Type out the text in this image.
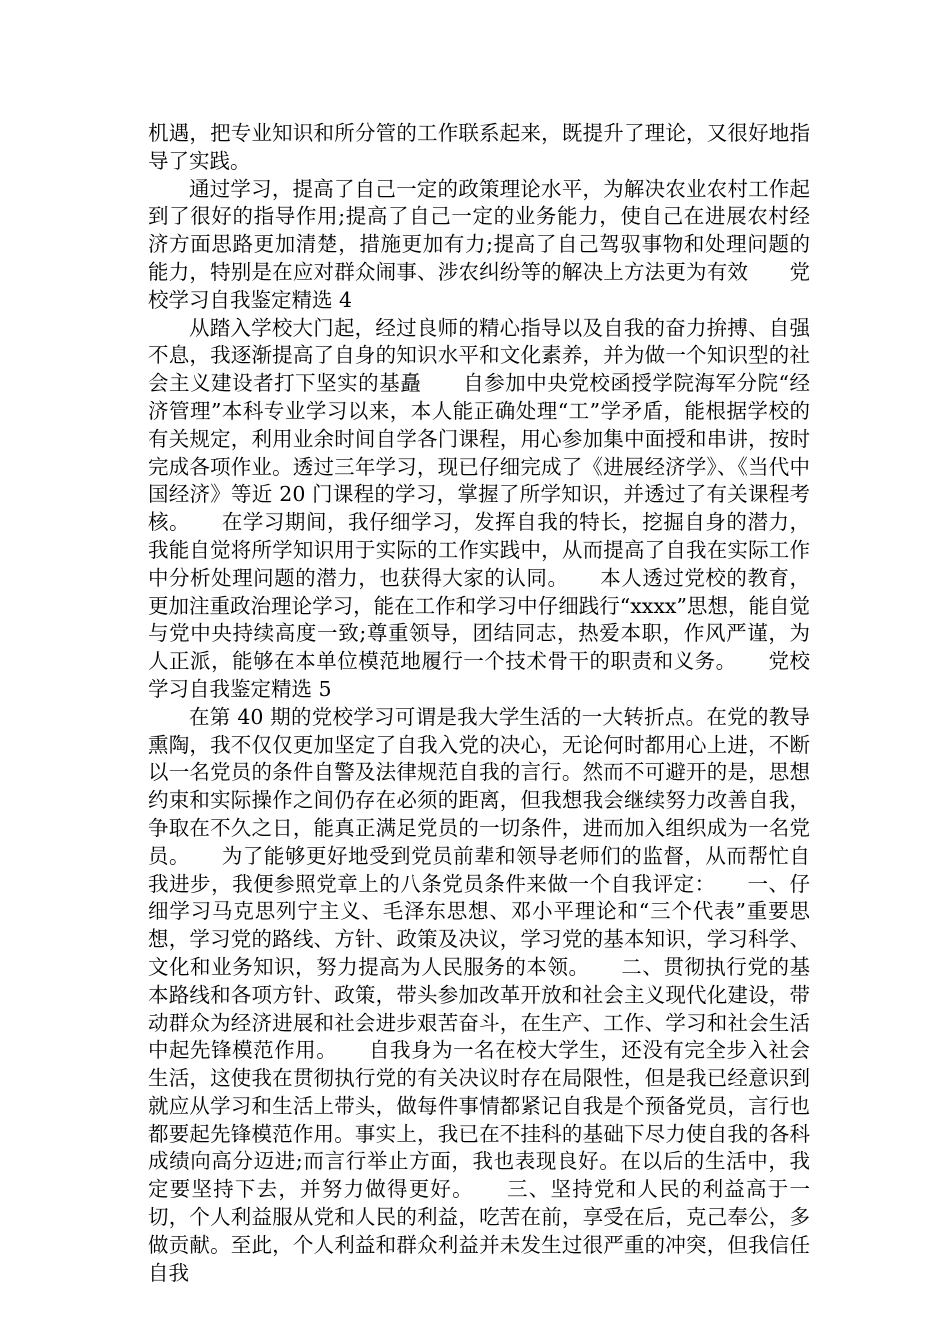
机遇，把专业知识和所分管的工作联系起来，既提升了理论，又很好地指导了实践。

通过学习，提高了自己一定的政策理论水平，为解决农业农村工作起到了很好的指导作用;提高了自己一定的业务能力，使自己在进展农村经济方面思路更加清楚，措施更加有力;提高了自己驾驭事物和处理问题的能力，特别是在应对群众闹事、涉农纠纷等的解决上方法更为有效　　党校学习自我鉴定精选 4

从踏入学校大门起，经过良师的精心指导以及自我的奋力拚搏、自强不息，我逐渐提高了自身的知识水平和文化素养，并为做一个知识型的社会主义建设者打下坚实的基矗　　自参加中央党校函授学院海军分院“经济管理”本科专业学习以来，本人能正确处理“工”学矛盾，能根据学校的有关规定，利用业余时间自学各门课程，用心参加集中面授和串讲，按时完成各项作业。透过三年学习，现已仔细完成了《进展经济学》、《当代中国经济》等近 20 门课程的学习，掌握了所学知识，并透过了有关课程考核。　　在学习期间，我仔细学习，发挥自我的特长，挖掘自身的潜力，我能自觉将所学知识用于实际的工作实践中，从而提高了自我在实际工作中分析处理问题的潜力，也获得大家的认同。　　本人透过党校的教育，更加注重政治理论学习，能在工作和学习中仔细践行“xxxx”思想，能自觉与党中央持续高度一致;尊重领导，团结同志，热爱本职，作风严谨，为人正派，能够在本单位模范地履行一个技术骨干的职责和义务。　　党校学习自我鉴定精选 5

在第 40 期的党校学习可谓是我大学生活的一大转折点。在党的教导熏陶，我不仅仅更加坚定了自我入党的决心，无论何时都用心上进，不断以一名党员的条件自警及法律规范自我的言行。然而不可避开的是，思想约束和实际操作之间仍存在必须的距离，但我想我会继续努力改善自我，争取在不久之日，能真正满足党员的一切条件，进而加入组织成为一名党员。　　为了能够更好地受到党员前辈和领导老师们的监督，从而帮忙自我进步，我便参照党章上的八条党员条件来做一个自我评定：　　一、仔细学习马克思列宁主义、毛泽东思想、邓小平理论和“三个代表”重要思想，学习党的路线、方针、政策及决议，学习党的基本知识，学习科学、文化和业务知识，努力提高为人民服务的本领。　　二、贯彻执行党的基本路线和各项方针、政策，带头参加改革开放和社会主义现代化建设，带动群众为经济进展和社会进步艰苦奋斗，在生产、工作、学习和社会生活中起先锋模范作用。　　自我身为一名在校大学生，还没有完全步入社会生活，这使我在贯彻执行党的有关决议时存在局限性，但是我已经意识到就应从学习和生活上带头，做每件事情都紧记自我是个预备党员，言行也都要起先锋模范作用。事实上，我已在不挂科的基础下尽力使自我的各科成绩向高分迈进;而言行举止方面，我也表现良好。在以后的生活中，我定要坚持下去，并努力做得更好。　　三、坚持党和人民的利益高于一切，个人利益服从党和人民的利益，吃苦在前，享受在后，克己奉公，多做贡献。至此，个人利益和群众利益并未发生过很严重的冲突，但我信任自我
